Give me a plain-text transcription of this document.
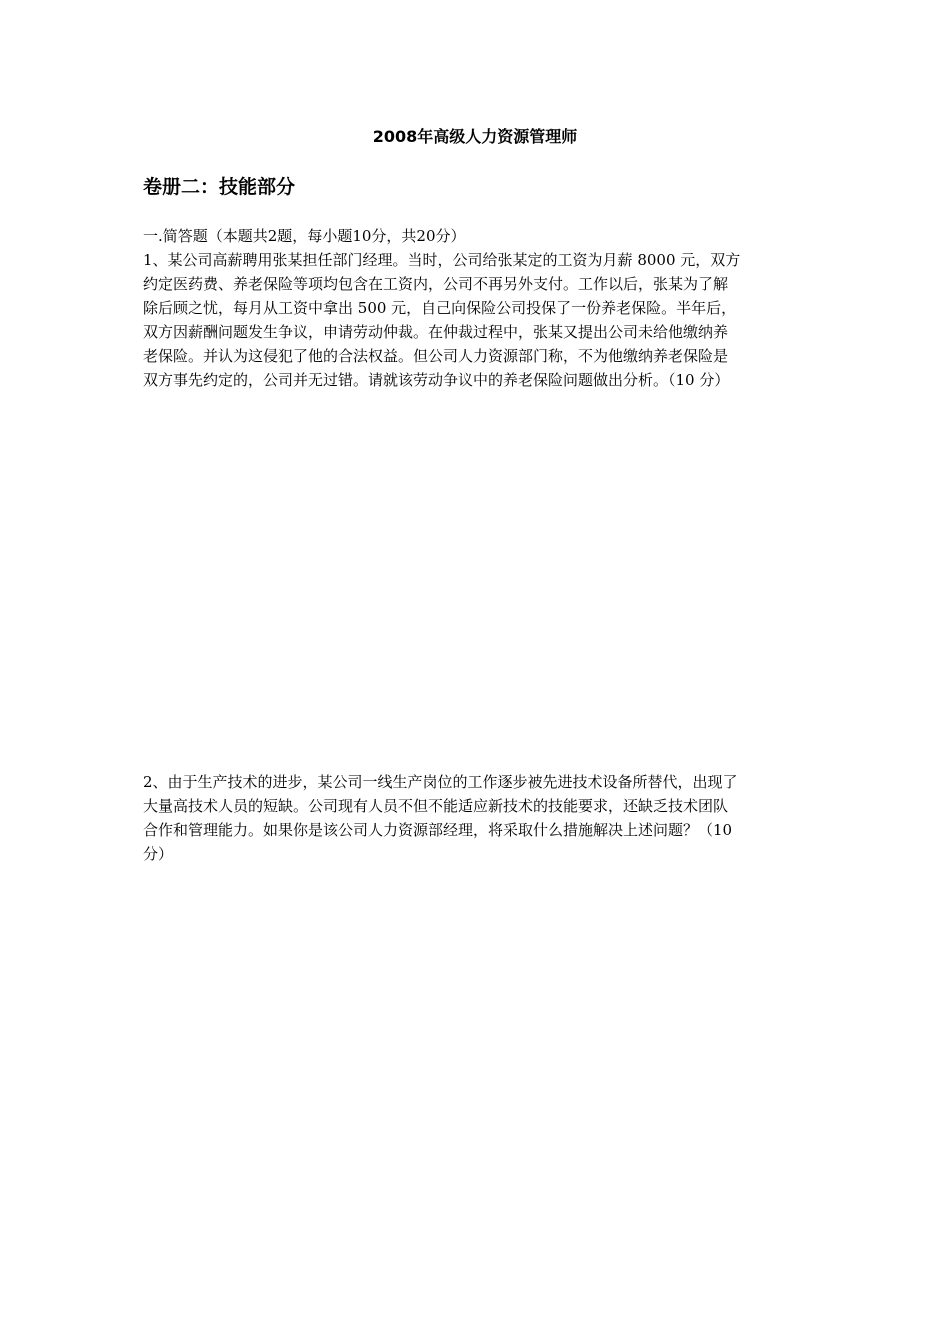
2008年高级人力资源管理师
卷册二：技能部分
一.简答题（本题共2题，每小题10分，共20分）
1、某公司高薪聘用张某担任部门经理。当时，公司给张某定的工资为月薪 8000 元，双方
约定医药费、养老保险等项均包含在工资内，公司不再另外支付。工作以后，张某为了解
除后顾之忧，每月从工资中拿出 500 元，自己向保险公司投保了一份养老保险。半年后，
双方因薪酬问题发生争议，申请劳动仲裁。在仲裁过程中，张某又提出公司未给他缴纳养
老保险。并认为这侵犯了他的合法权益。但公司人力资源部门称，不为他缴纳养老保险是
双方事先约定的，公司并无过错。请就该劳动争议中的养老保险问题做出分析。（10 分）
2、由于生产技术的进步，某公司一线生产岗位的工作逐步被先进技术设备所替代，出现了
大量高技术人员的短缺。公司现有人员不但不能适应新技术的技能要求，还缺乏技术团队
合作和管理能力。如果你是该公司人力资源部经理，将采取什么措施解决上述问题？（10
分）
